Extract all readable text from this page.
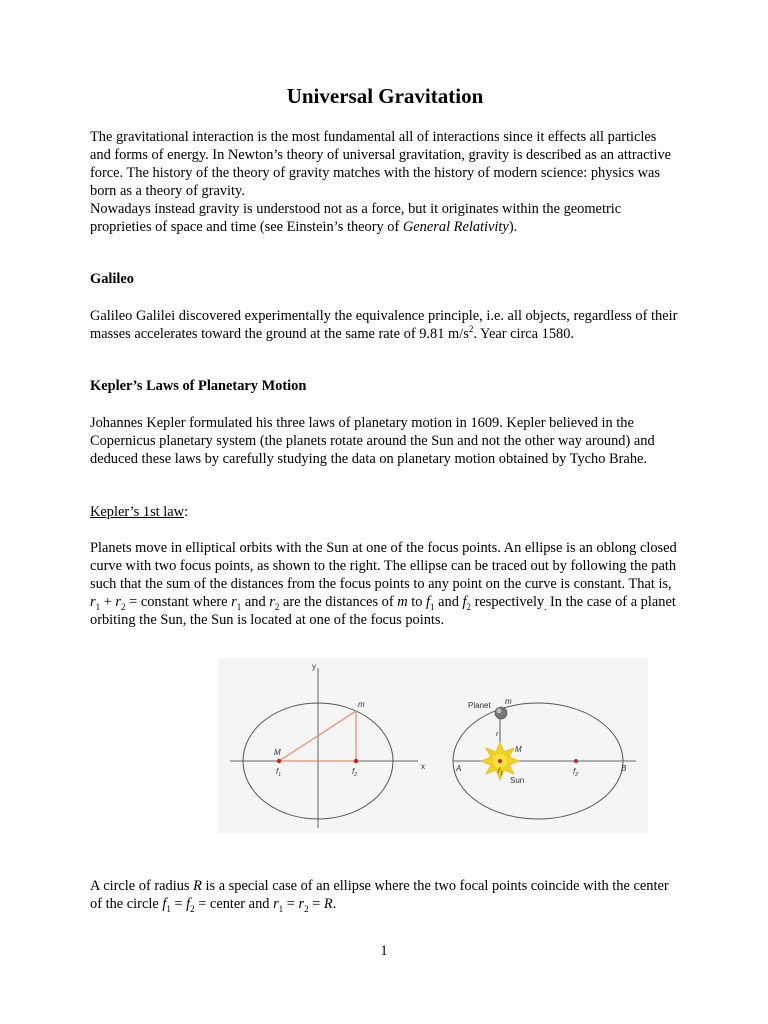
Universal Gravitation

The gravitational interaction is the most fundamental all of interactions since it effects all particles and forms of energy. In Newton’s theory of universal gravitation, gravity is described as an attractive force. The history of the theory of gravity matches with the history of modern science: physics was born as a theory of gravity.

Nowadays instead gravity is understood not as a force, but it originates within the geometric proprieties of space and time (see Einstein’s theory of General Relativity).

Galileo

Galileo Galilei discovered experimentally the equivalence principle, i.e. all objects, regardless of their masses accelerates toward the ground at the same rate of 9.81 $m/s^2$. Year circa 1580.

Kepler’s Laws of Planetary Motion

Johannes Kepler formulated his three laws of planetary motion in 1609. Kepler believed in the Copernicus planetary system (the planets rotate around the Sun and not the other way around) and deduced these laws by carefully studying the data on planetary motion obtained by Tycho Brahe.

Kepler’s 1st law:

Planets move in elliptical orbits with the Sun at one of the focus points. An ellipse is an oblong closed curve with two focus points, as shown to the right. The ellipse can be traced out by following the path such that the sum of the distances from the focus points to any point on the curve is constant. That is, $r_1 + r_2$ = constant where $r_1$ and $r_2$ are the distances of m to $f_1$ and $f_2$ respectively$_.$ In the case of a planet orbiting the Sun, the Sun is located at one of the focus points.

A circle of radius R is a special case of an ellipse where the two focal points coincide with the center of the circle $f_1 = f_2$ = center and $r_1 = r_2 = R$.

y
x
m
M
$f_1$	$f_2$
Planet m
r
M
A	B
$f_1$	$f_2$
Sun
1
